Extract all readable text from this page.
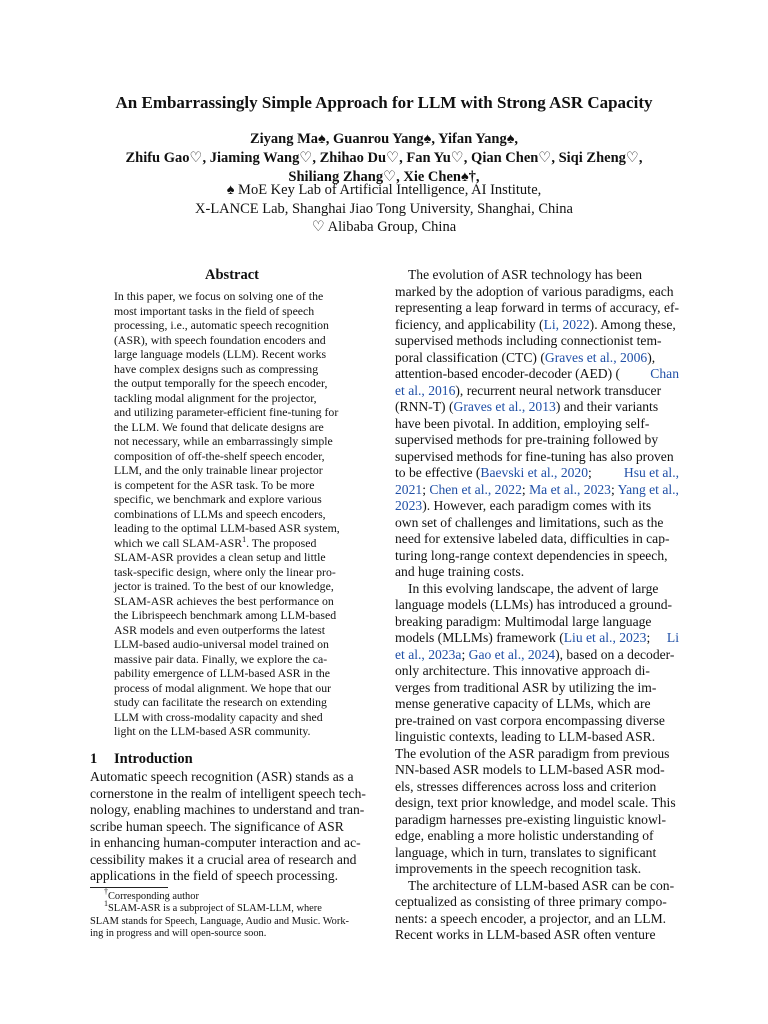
An Embarrassingly Simple Approach for LLM with Strong ASR Capacity
Ziyang Ma♠, Guanrou Yang♠, Yifan Yang♠,
Zhifu Gao♡, Jiaming Wang♡, Zhihao Du♡, Fan Yu♡, Qian Chen♡, Siqi Zheng♡,
Shiliang Zhang♡, Xie Chen♠†,
♠ MoE Key Lab of Artificial Intelligence, AI Institute,
X-LANCE Lab, Shanghai Jiao Tong University, Shanghai, China
♡ Alibaba Group, China
Abstract
In this paper, we focus on solving one of the
most important tasks in the field of speech
processing, i.e., automatic speech recognition
(ASR), with speech foundation encoders and
large language models (LLM). Recent works
have complex designs such as compressing
the output temporally for the speech encoder,
tackling modal alignment for the projector,
and utilizing parameter-efficient fine-tuning for
the LLM. We found that delicate designs are
not necessary, while an embarrassingly simple
composition of off-the-shelf speech encoder,
LLM, and the only trainable linear projector
is competent for the ASR task. To be more
specific, we benchmark and explore various
combinations of LLMs and speech encoders,
leading to the optimal LLM-based ASR system,
which we call SLAM-ASR$^1$. The proposed
SLAM-ASR provides a clean setup and little
task-specific design, where only the linear pro-
jector is trained. To the best of our knowledge,
SLAM-ASR achieves the best performance on
the Librispeech benchmark among LLM-based
ASR models and even outperforms the latest
LLM-based audio-universal model trained on
massive pair data. Finally, we explore the ca-
pability emergence of LLM-based ASR in the
process of modal alignment. We hope that our
study can facilitate the research on extending
LLM with cross-modality capacity and shed
light on the LLM-based ASR community.
1 Introduction
Automatic speech recognition (ASR) stands as a
cornerstone in the realm of intelligent speech tech-
nology, enabling machines to understand and tran-
scribe human speech. The significance of ASR
in enhancing human-computer interaction and ac-
cessibility makes it a crucial area of research and
applications in the field of speech processing.
†Corresponding author
$^1$SLAM-ASR is a subproject of SLAM-LLM, where
SLAM stands for Speech, Language, Audio and Music. Work-
ing in progress and will open-source soon.
The evolution of ASR technology has been
marked by the adoption of various paradigms, each
representing a leap forward in terms of accuracy, ef-
ficiency, and applicability (Li, 2022). Among these,
supervised methods including connectionist tem-
poral classification (CTC) (Graves et al., 2006),
attention-based encoder-decoder (AED) ( Chan
et al., 2016), recurrent neural network transducer
(RNN-T) (Graves et al., 2013) and their variants
have been pivotal. In addition, employing self-
supervised methods for pre-training followed by
supervised methods for fine-tuning has also proven
to be effective (Baevski et al., 2020; Hsu et al.,
2021; Chen et al., 2022; Ma et al., 2023; Yang et al.,
2023). However, each paradigm comes with its
own set of challenges and limitations, such as the
need for extensive labeled data, difficulties in cap-
turing long-range context dependencies in speech,
and huge training costs.
In this evolving landscape, the advent of large
language models (LLMs) has introduced a ground-
breaking paradigm: Multimodal large language
models (MLLMs) framework (Liu et al., 2023; Li
et al., 2023a; Gao et al., 2024), based on a decoder-
only architecture. This innovative approach di-
verges from traditional ASR by utilizing the im-
mense generative capacity of LLMs, which are
pre-trained on vast corpora encompassing diverse
linguistic contexts, leading to LLM-based ASR.
The evolution of the ASR paradigm from previous
NN-based ASR models to LLM-based ASR mod-
els, stresses differences across loss and criterion
design, text prior knowledge, and model scale. This
paradigm harnesses pre-existing linguistic knowl-
edge, enabling a more holistic understanding of
language, which in turn, translates to significant
improvements in the speech recognition task.
The architecture of LLM-based ASR can be con-
ceptualized as consisting of three primary compo-
nents: a speech encoder, a projector, and an LLM.
Recent works in LLM-based ASR often venture
